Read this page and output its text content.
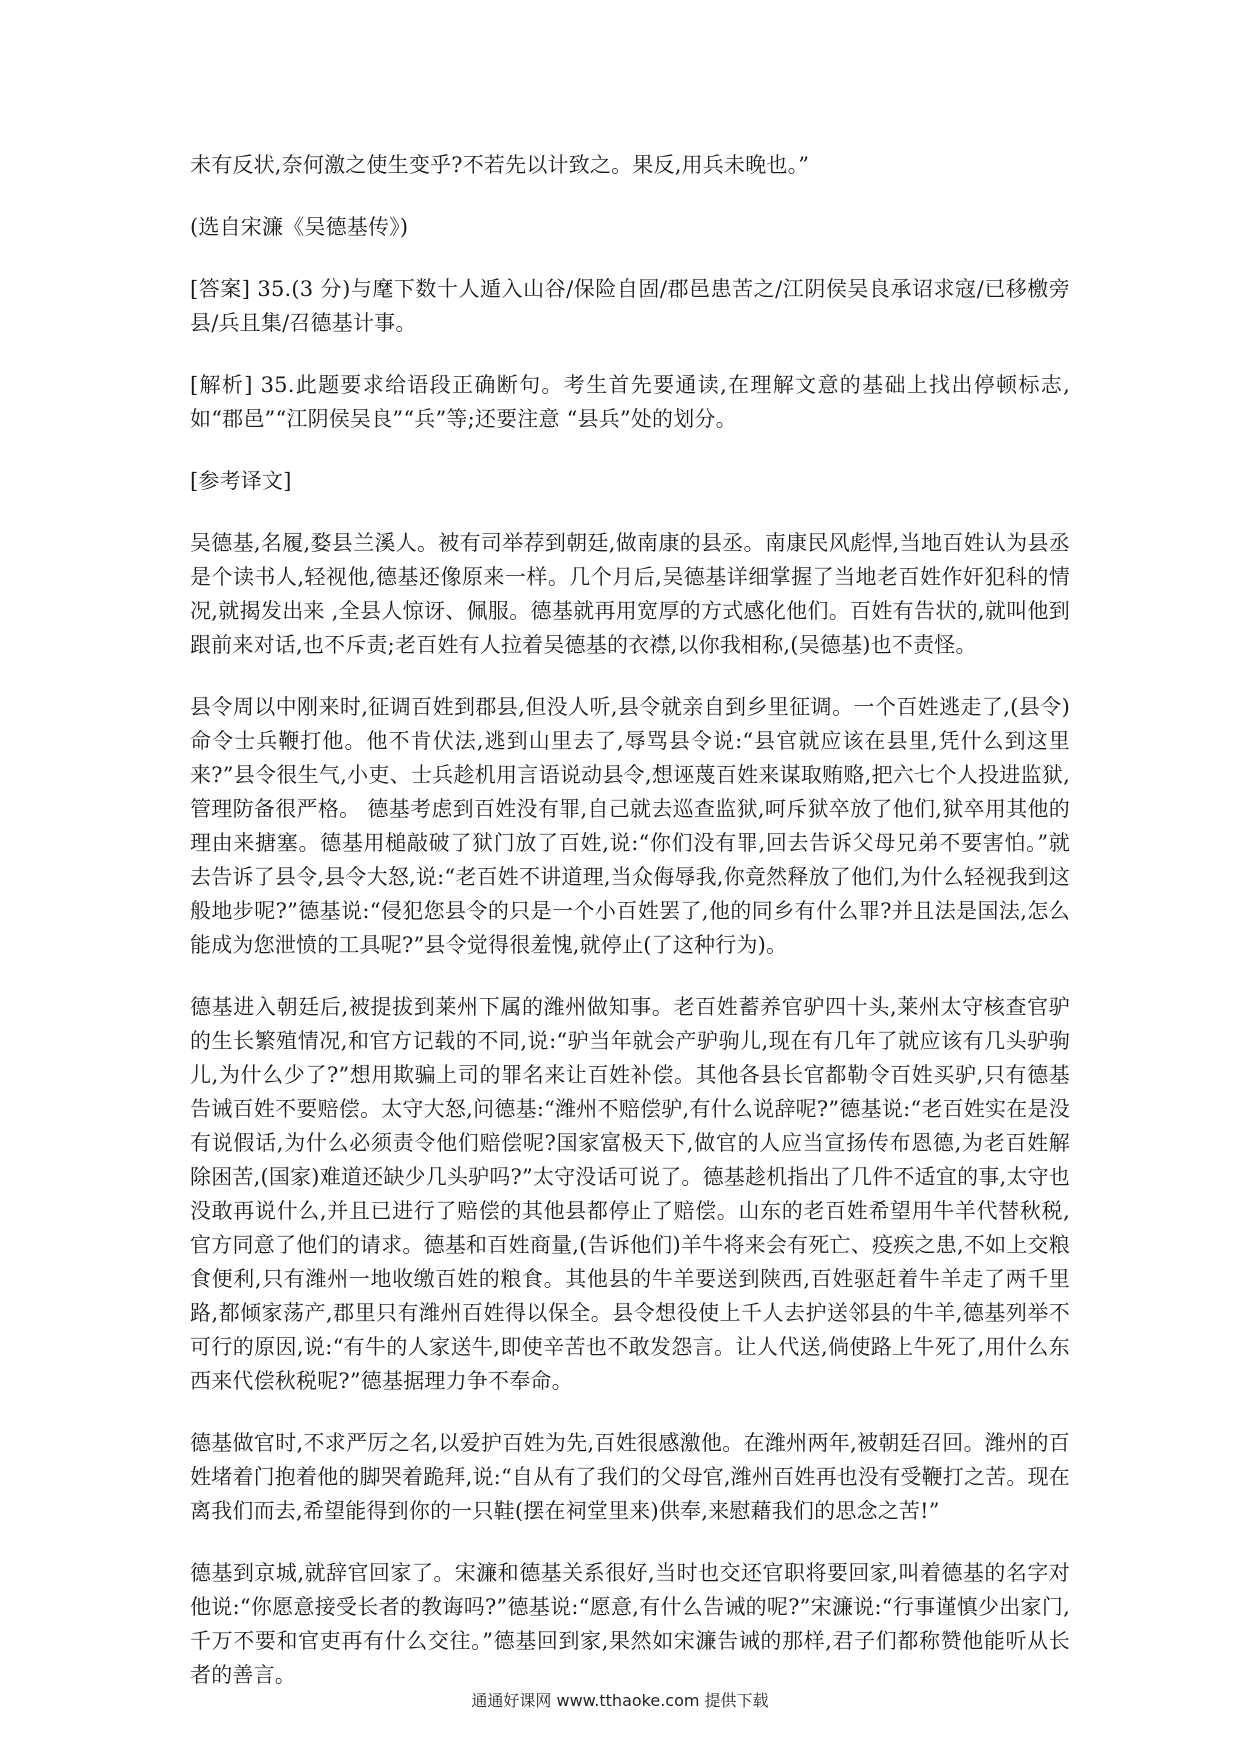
未有反状,奈何激之使生变乎?不若先以计致之。果反,用兵未晚也。”

(选自宋濂《吴德基传》)

[答案] 35.(3 分)与麾下数十人遁入山谷/保险自固/郡邑患苦之/江阴侯吴良承诏求寇/已移檄旁县/兵且集/召德基计事。

[解析] 35.此题要求给语段正确断句。考生首先要通读,在理解文意的基础上找出停顿标志,如“郡邑”“江阴侯吴良”“兵”等;还要注意 “县兵”处的划分。

[参考译文]

吴德基,名履,婺县兰溪人。被有司举荐到朝廷,做南康的县丞。南康民风彪悍,当地百姓认为县丞是个读书人,轻视他,德基还像原来一样。几个月后,吴德基详细掌握了当地老百姓作奸犯科的情况,就揭发出来 ,全县人惊讶、佩服。德基就再用宽厚的方式感化他们。百姓有告状的,就叫他到跟前来对话,也不斥责;老百姓有人拉着吴德基的衣襟,以你我相称,(吴德基)也不责怪。

县令周以中刚来时,征调百姓到郡县,但没人听,县令就亲自到乡里征调。一个百姓逃走了,(县令)命令士兵鞭打他。他不肯伏法,逃到山里去了,辱骂县令说:“县官就应该在县里,凭什么到这里来?”县令很生气,小吏、士兵趁机用言语说动县令,想诬蔑百姓来谋取贿赂,把六七个人投进监狱,管理防备很严格。 德基考虑到百姓没有罪,自己就去巡查监狱,呵斥狱卒放了他们,狱卒用其他的理由来搪塞。德基用槌敲破了狱门放了百姓,说:“你们没有罪,回去告诉父母兄弟不要害怕。”就去告诉了县令,县令大怒,说:“老百姓不讲道理,当众侮辱我,你竟然释放了他们,为什么轻视我到这般地步呢?”德基说:“侵犯您县令的只是一个小百姓罢了,他的同乡有什么罪?并且法是国法,怎么能成为您泄愤的工具呢?”县令觉得很羞愧,就停止(了这种行为)。

德基进入朝廷后,被提拔到莱州下属的潍州做知事。老百姓蓄养官驴四十头,莱州太守核查官驴的生长繁殖情况,和官方记载的不同,说:“驴当年就会产驴驹儿,现在有几年了就应该有几头驴驹儿,为什么少了?”想用欺骗上司的罪名来让百姓补偿。其他各县长官都勒令百姓买驴,只有德基告诫百姓不要赔偿。太守大怒,问德基:“潍州不赔偿驴,有什么说辞呢?”德基说:“老百姓实在是没有说假话,为什么必须责令他们赔偿呢?国家富极天下,做官的人应当宣扬传布恩德,为老百姓解除困苦,(国家)难道还缺少几头驴吗?”太守没话可说了。德基趁机指出了几件不适宜的事,太守也没敢再说什么,并且已进行了赔偿的其他县都停止了赔偿。山东的老百姓希望用牛羊代替秋税,官方同意了他们的请求。德基和百姓商量,(告诉他们)羊牛将来会有死亡、疫疾之患,不如上交粮食便利,只有潍州一地收缴百姓的粮食。其他县的牛羊要送到陕西,百姓驱赶着牛羊走了两千里路,都倾家荡产,郡里只有潍州百姓得以保全。县令想役使上千人去护送邻县的牛羊,德基列举不可行的原因,说:“有牛的人家送牛,即使辛苦也不敢发怨言。让人代送,倘使路上牛死了,用什么东西来代偿秋税呢?”德基据理力争不奉命。

德基做官时,不求严厉之名,以爱护百姓为先,百姓很感激他。在潍州两年,被朝廷召回。潍州的百姓堵着门抱着他的脚哭着跪拜,说:“自从有了我们的父母官,潍州百姓再也没有受鞭打之苦。现在离我们而去,希望能得到你的一只鞋(摆在祠堂里来)供奉,来慰藉我们的思念之苦!”

德基到京城,就辞官回家了。宋濂和德基关系很好,当时也交还官职将要回家,叫着德基的名字对他说:“你愿意接受长者的教诲吗?”德基说:“愿意,有什么告诫的呢?”宋濂说:“行事谨慎少出家门,千万不要和官吏再有什么交往。”德基回到家,果然如宋濂告诫的那样,君子们都称赞他能听从长者的善言。

通通好课网 www.tthaoke.com 提供下载
